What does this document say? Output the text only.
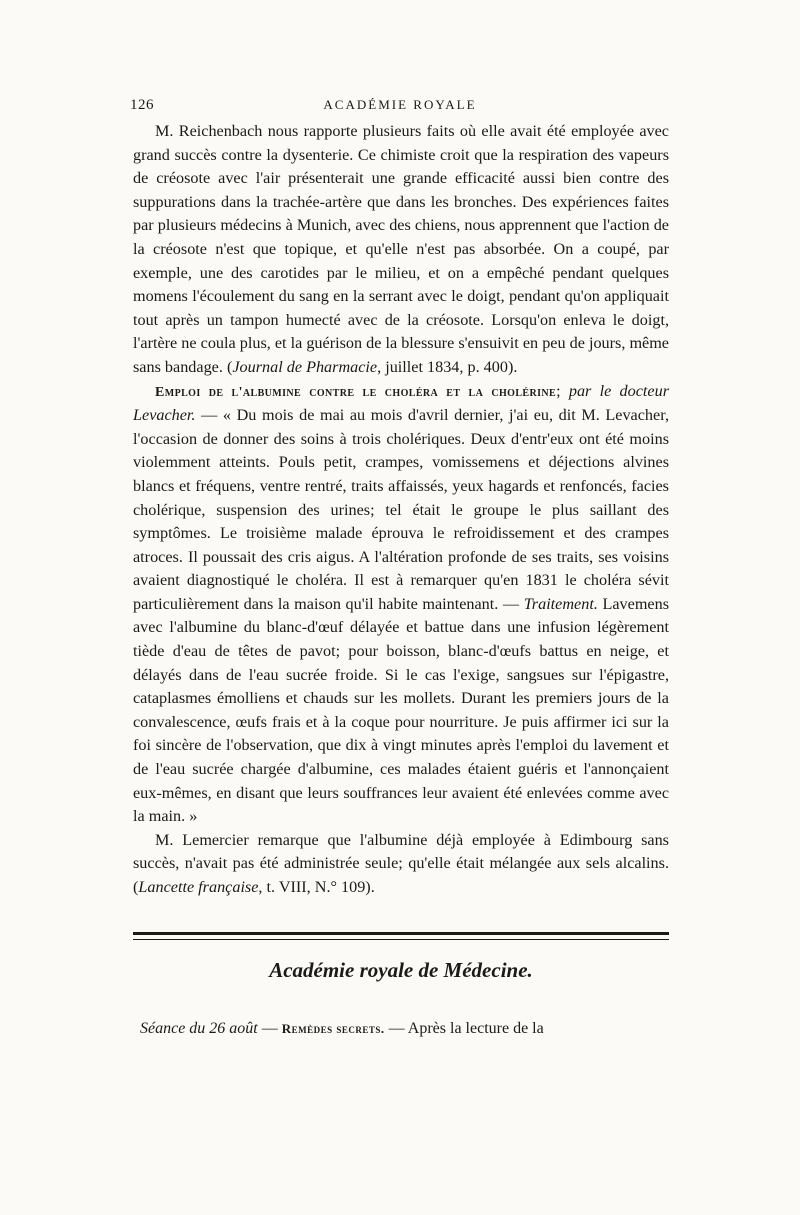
126	ACADÉMIE ROYALE

M. Reichenbach nous rapporte plusieurs faits où elle avait été employée avec grand succès contre la dysenterie. Ce chimiste croit que la respiration des vapeurs de créosote avec l'air présenterait une grande efficacité aussi bien contre des suppurations dans la trachée-artère que dans les bronches. Des expériences faites par plusieurs médecins à Munich, avec des chiens, nous apprennent que l'action de la créosote n'est que topique, et qu'elle n'est pas absorbée. On a coupé, par exemple, une des carotides par le milieu, et on a empêché pendant quelques momens l'écoulement du sang en la serrant avec le doigt, pendant qu'on appliquait tout après un tampon humecté avec de la créosote. Lorsqu'on enleva le doigt, l'artère ne coula plus, et la guérison de la blessure s'ensuivit en peu de jours, même sans bandage. (Journal de Pharmacie, juillet 1834, p. 400).

Emploi de l'albumine contre le choléra et la cholérine; par le docteur Levacher. — « Du mois de mai au mois d'avril dernier, j'ai eu, dit M. Levacher, l'occasion de donner des soins à trois cholériques. Deux d'entr'eux ont été moins violemment atteints. Pouls petit, crampes, vomissemens et déjections alvines blancs et fréquens, ventre rentré, traits affaissés, yeux hagards et renfoncés, facies cholérique, suspension des urines; tel était le groupe le plus saillant des symptômes. Le troisième malade éprouva le refroidissement et des crampes atroces. Il poussait des cris aigus. A l'altération profonde de ses traits, ses voisins avaient diagnostiqué le choléra. Il est à remarquer qu'en 1831 le choléra sévit particulièrement dans la maison qu'il habite maintenant. — Traitement. Lavemens avec l'albumine du blanc-d'œuf délayée et battue dans une infusion légèrement tiède d'eau de têtes de pavot; pour boisson, blanc-d'œufs battus en neige, et délayés dans de l'eau sucrée froide. Si le cas l'exige, sangsues sur l'épigastre, cataplasmes émolliens et chauds sur les mollets. Durant les premiers jours de la convalescence, œufs frais et à la coque pour nourriture. Je puis affirmer ici sur la foi sincère de l'observation, que dix à vingt minutes après l'emploi du lavement et de l'eau sucrée chargée d'albumine, ces malades étaient guéris et l'annonçaient eux-mêmes, en disant que leurs souffrances leur avaient été enlevées comme avec la main. »

M. Lemercier remarque que l'albumine déjà employée à Edimbourg sans succès, n'avait pas été administrée seule; qu'elle était mélangée aux sels alcalins. (Lancette française, t. VIII, N.° 109).

Académie royale de Médecine.
Séance du 26 août — Remèdes secrets. — Après la lecture de la
